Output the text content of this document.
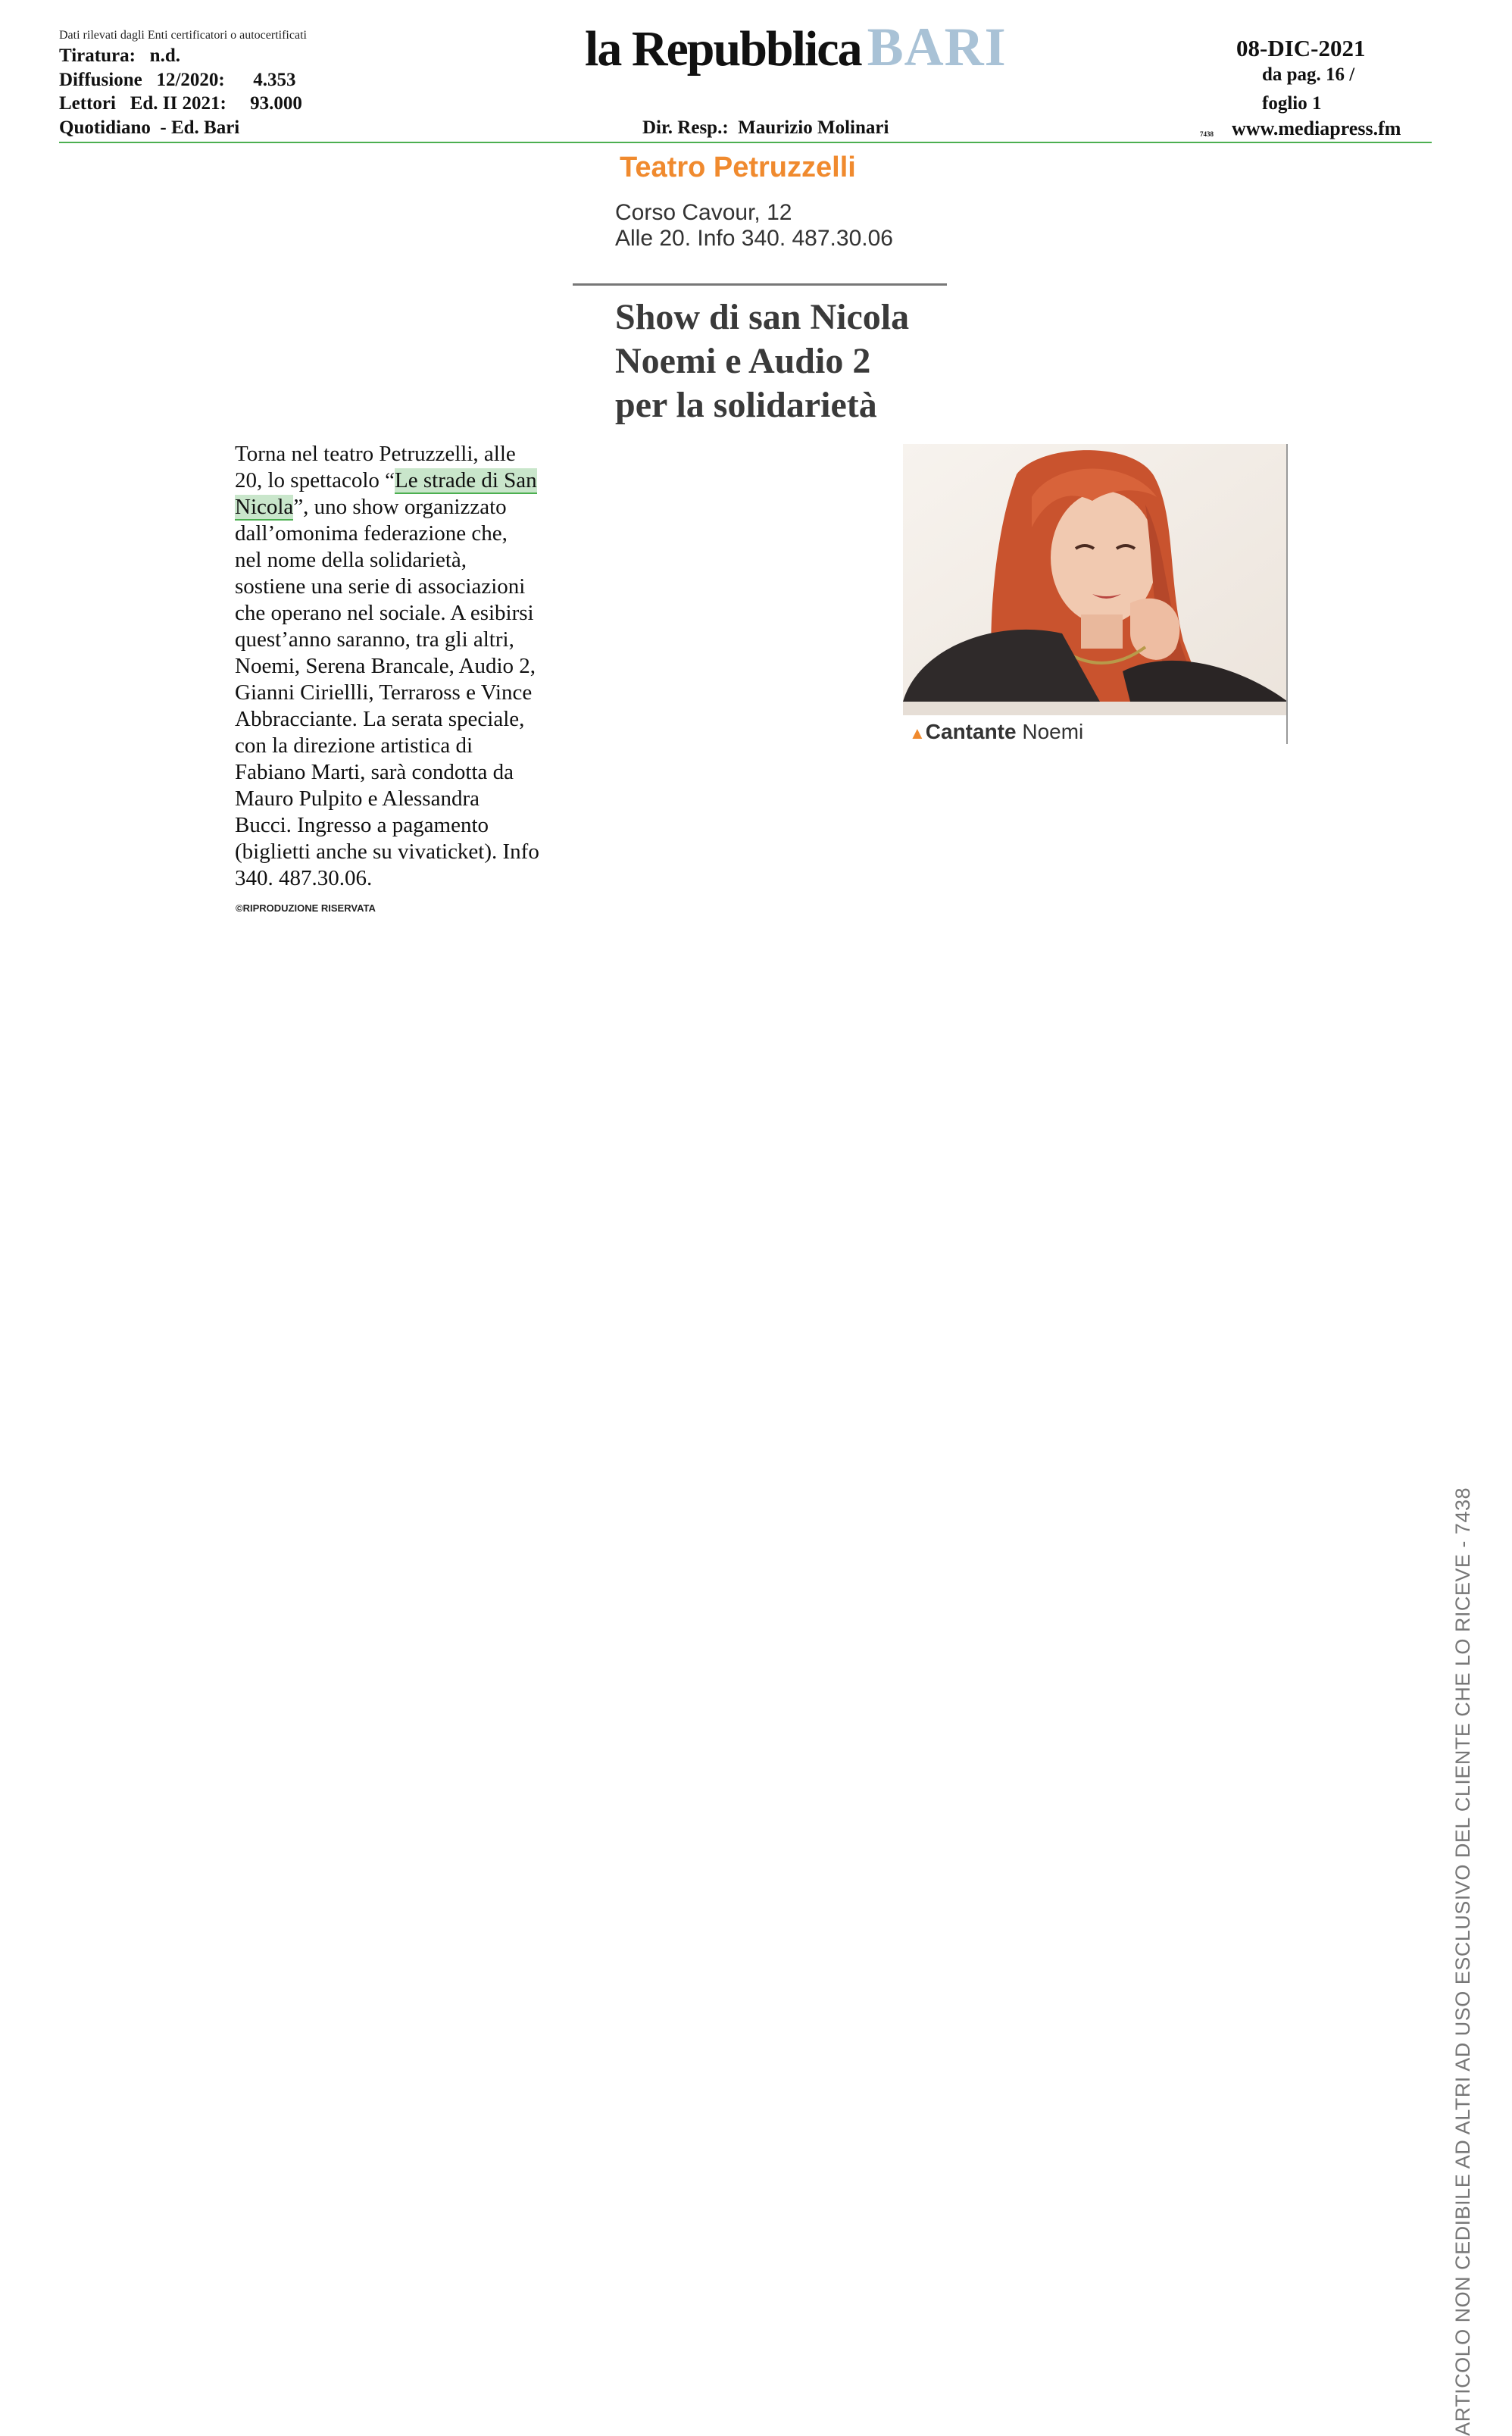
Dati rilevati dagli Enti certificatori o autocertificati
Tiratura:   n.d.
Diffusione   12/2020:      4.353
Lettori   Ed. II 2021:     93.000
Quotidiano  - Ed. Bari
la Repubblica BARI
Dir. Resp.:  Maurizio Molinari
08-DIC-2021
da pag. 16 /
foglio 1
7438 www.mediapress.fm
Teatro Petruzzelli
Corso Cavour, 12
Alle 20. Info 340. 487.30.06
Show di san Nicola
Noemi e Audio 2
per la solidarietà
Torna nel teatro Petruzzelli, alle
20, lo spettacolo “Le strade di San
Nicola”, uno show organizzato
dall’omonima federazione che,
nel nome della solidarietà,
sostiene una serie di associazioni
che operano nel sociale. A esibirsi
quest’anno saranno, tra gli altri,
Noemi, Serena Brancale, Audio 2,
Gianni Ciriellli, Terraross e Vince
Abbracciante. La serata speciale,
con la direzione artistica di
Fabiano Marti, sarà condotta da
Mauro Pulpito e Alessandra
Bucci. Ingresso a pagamento
(biglietti anche su vivaticket). Info
340. 487.30.06.
©RIPRODUZIONE RISERVATA
▲Cantante Noemi
ARTICOLO NON CEDIBILE AD ALTRI AD USO ESCLUSIVO DEL CLIENTE CHE LO RICEVE - 7438
